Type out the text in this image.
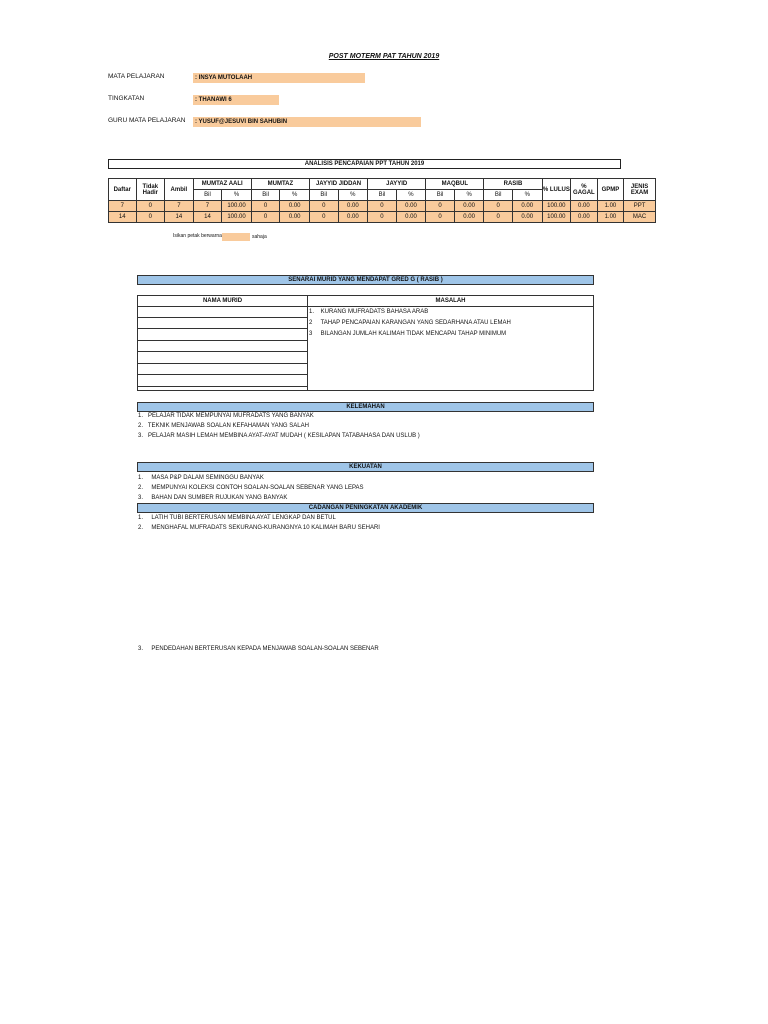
POST MOTERM PAT TAHUN 2019
MATA PELAJARAN	: INSYA MUTOLAAH
TINGKATAN	: THANAWI 6
GURU MATA PELAJARAN	: YUSUF@JESUVI BIN SAHUBIN
ANALISIS PENCAPAIAN PPT TAHUN 2019
Daftar	Tidak Hadir	Ambil	MUMTAZ AALI		MUMTAZ		JAYYID JIDDAN		JAYYID		MAQBUL		RASIB		% LULUS	% GAGAL	GPMP	JENIS EXAM
			Bil	%	Bil	%	Bil	%	Bil	%	Bil	%	Bil	%				
7	0	7	7	100.00	0	0.00	0	0.00	0	0.00	0	0.00	0	0.00	100.00	0.00	1.00	PPT
14	0	14	14	100.00	0	0.00	0	0.00	0	0.00	0	0.00	0	0.00	100.00	0.00	1.00	MAC
Isikan petak berwarna	sahaja
SENARAI MURID YANG MENDAPAT GRED G ( RASIB )
NAMA MURID	MASALAH
1.    KURANG MUFRADATS BAHASA ARAB
2     TAHAP PENCAPAIAN KARANGAN YANG SEDARHANA ATAU LEMAH
3     BILANGAN JUMLAH KALIMAH TIDAK MENCAPAI TAHAP MINIMUM
KELEMAHAN
1.   PELAJAR TIDAK MEMPUNYAI MUFRADATS YANG BANYAK
2.   TEKNIK MENJAWAB SOALAN KEFAHAMAN YANG SALAH
3.   PELAJAR MASIH LEMAH MEMBINA AYAT-AYAT MUDAH ( KESILAPAN TATABAHASA DAN USLUB )
KEKUATAN
1.     MASA P&P DALAM SEMINGGU BANYAK
2.     MEMPUNYAI KOLEKSI CONTOH SOALAN-SOALAN SEBENAR YANG LEPAS
3.     BAHAN DAN SUMBER RUJUKAN YANG BANYAK
CADANGAN PENINGKATAN AKADEMIK
1.     LATIH TUBI BERTERUSAN MEMBINA AYAT LENGKAP DAN BETUL
2.     MENGHAFAL MUFRADATS SEKURANG-KURANGNYA 10 KALIMAH BARU SEHARI
3.     PENDEDAHAN BERTERUSAN KEPADA MENJAWAB SOALAN-SOALAN SEBENAR
